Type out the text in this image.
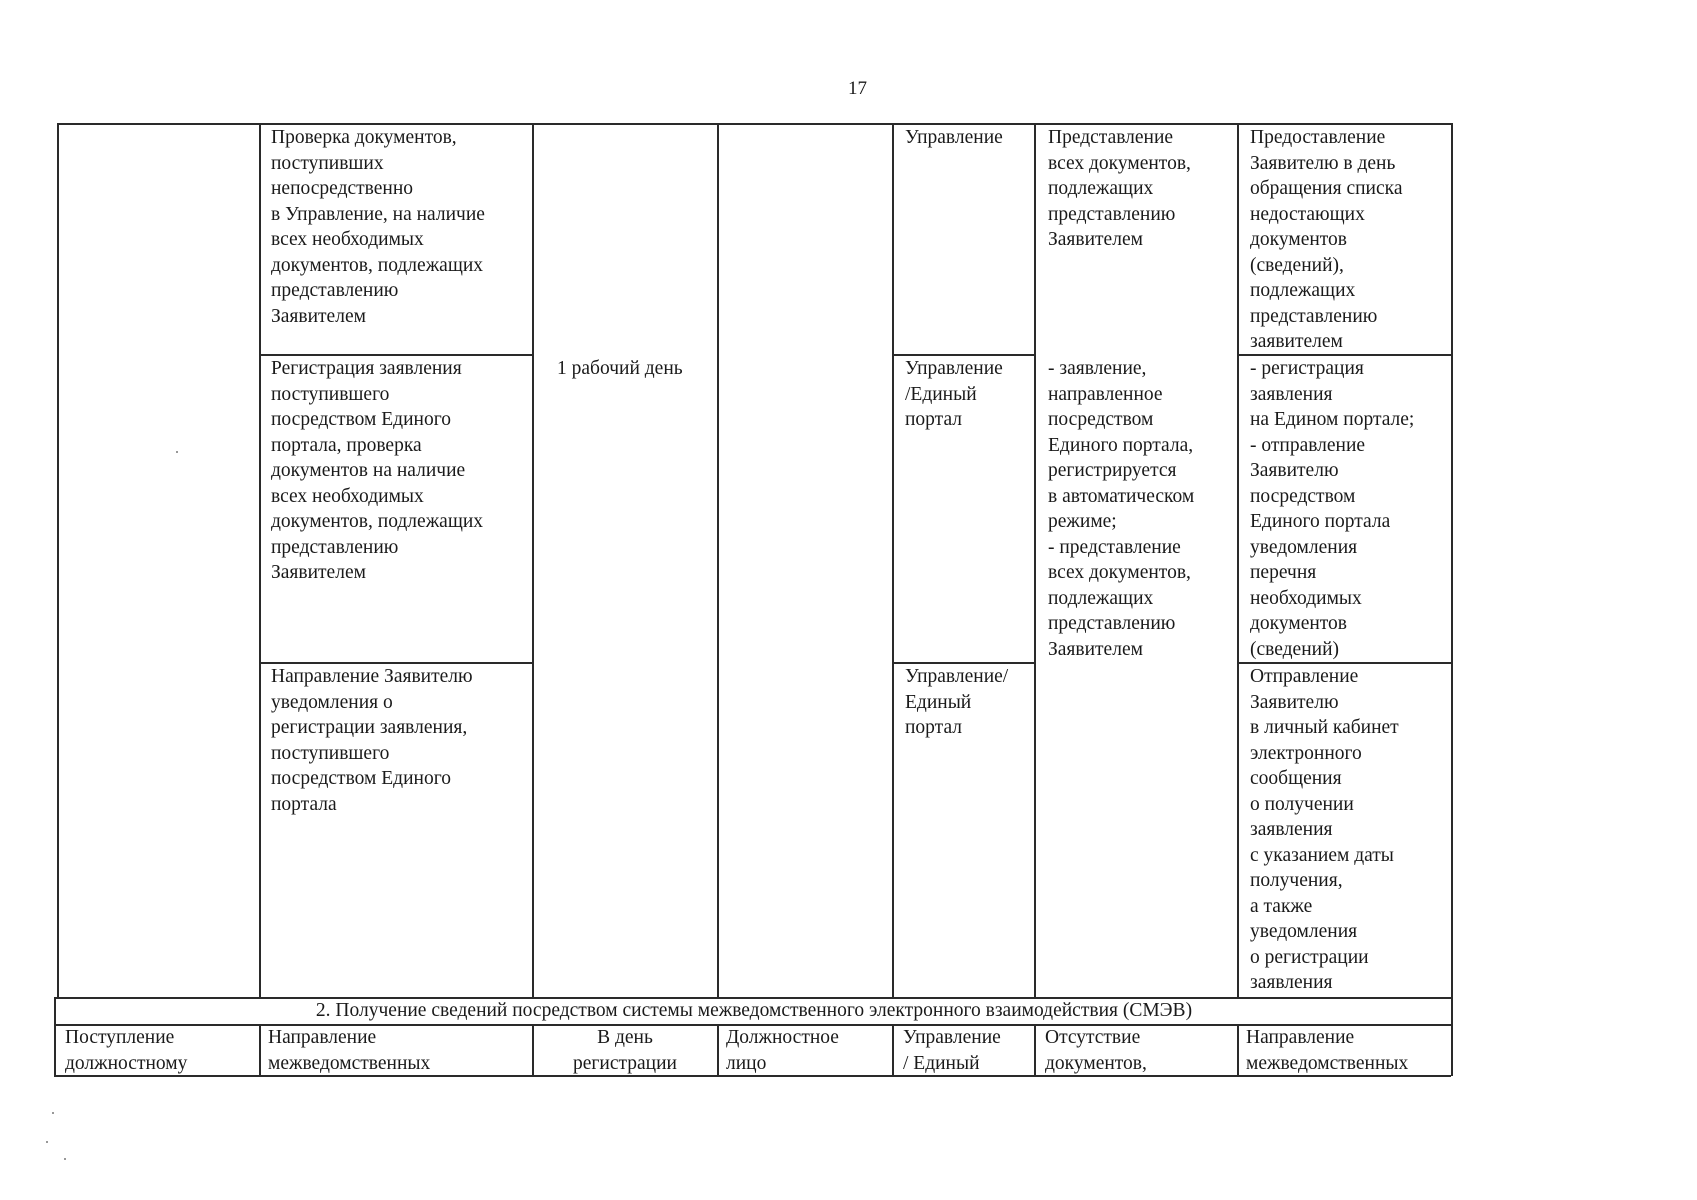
17
Проверка документов,
поступивших
непосредственно
в Управление, на наличие
всех необходимых
документов, подлежащих
представлению
Заявителем
Управление Представление
всех документов,
подлежащих
представлению
Заявителем
Предоставление
Заявителю в день
обращения списка
недостающих
документов
(сведений),
подлежащих
представлению
заявителем
Регистрация заявления
поступившего
посредством Единого
портала, проверка
документов на наличие
всех необходимых
документов, подлежащих
представлению
Заявителем
1 рабочий день	Управление
/Единый
портал
- заявление,
направленное
посредством
Единого портала,
регистрируется
в автоматическом
режиме;
- представление
всех документов,
подлежащих
представлению
Заявителем
- регистрация
заявления
на Едином портале;
- отправление
Заявителю
посредством
Единого портала
уведомления
перечня
необходимых
документов
(сведений)
Направление Заявителю
уведомления о
регистрации заявления,
поступившего
посредством Единого
портала
Управление/
Единый
портал
Отправление
Заявителю
в личный кабинет
электронного
сообщения
о получении
заявления
с указанием даты
получения,
а также
уведомления
о регистрации
заявления
2. Получение сведений посредством системы межведомственного электронного взаимодействия (СМЭВ)
Поступление
должностному
Направление
межведомственных
В день
регистрации
Должностное
лицо
Управление
/ Единый
Отсутствие
документов,
Направление
межведомственных
